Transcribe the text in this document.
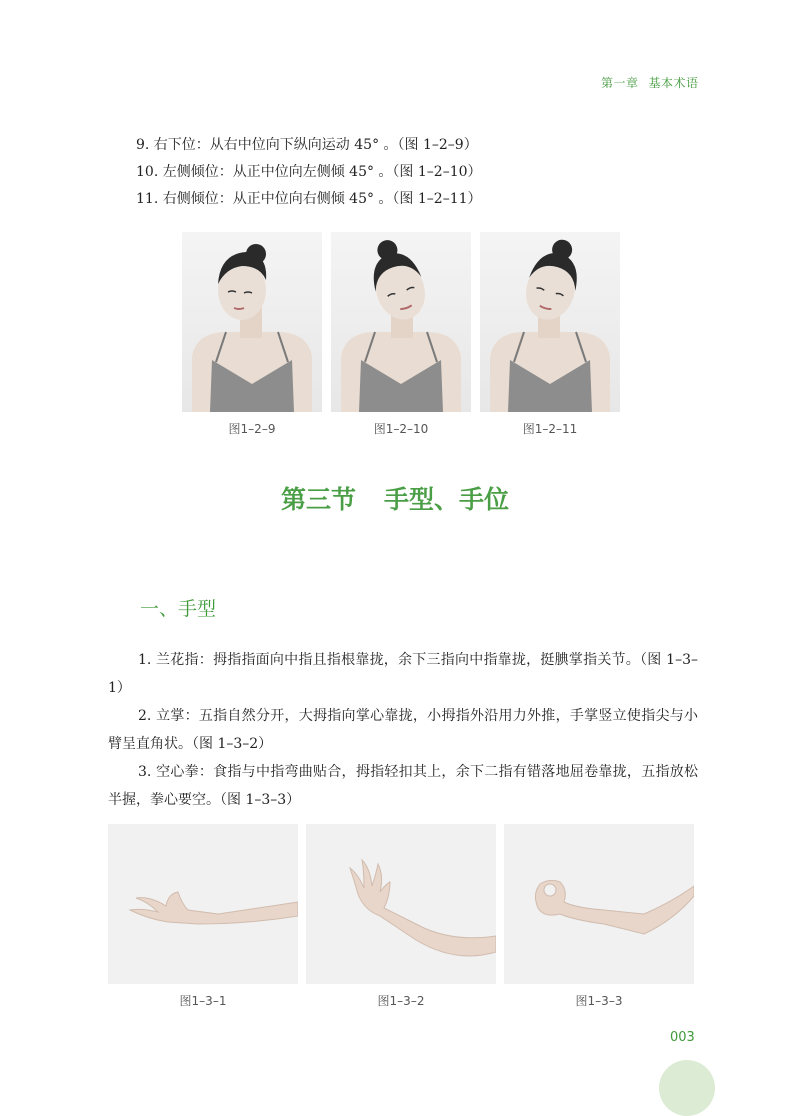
第一章 基本术语
9. 右下位：从右中位向下纵向运动 45° 。（图 1–2–9）
10. 左侧倾位：从正中位向左侧倾 45° 。（图 1–2–10）
11. 右侧倾位：从正中位向右侧倾 45° 。（图 1–2–11）
图1–2–9	图1–2–10	图1–2–11
第三节 手型、手位
一、手型
1. 兰花指：拇指指面向中指且指根靠拢，余下三指向中指靠拢，挺腆掌指关节。（图 1–3–1）
2. 立掌：五指自然分开，大拇指向掌心靠拢，小拇指外沿用力外推，手掌竖立使指尖与小臂呈直角状。（图 1–3–2）
3. 空心拳：食指与中指弯曲贴合，拇指轻扣其上，余下二指有错落地屈卷靠拢，五指放松半握，拳心要空。（图 1–3–3）
图1–3–1	图1–3–2	图1–3–3
003
